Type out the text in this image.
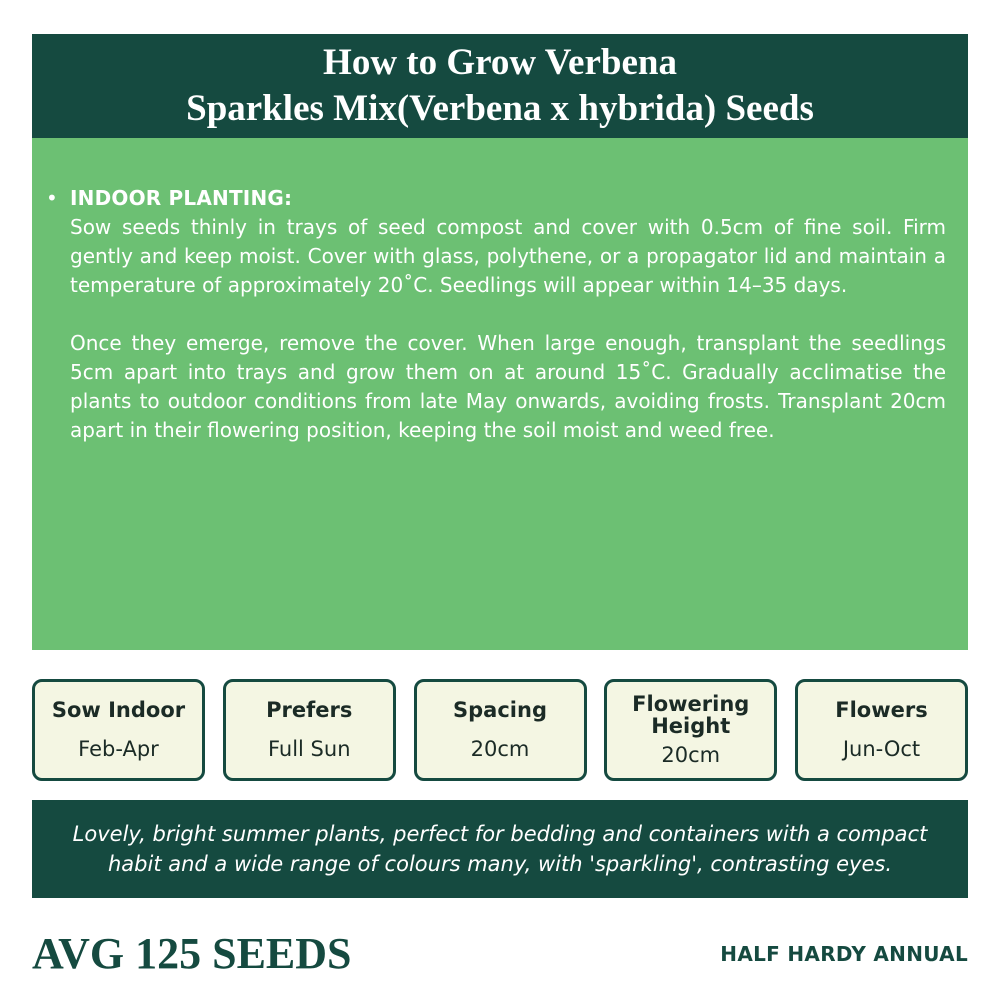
How to Grow Verbena
Sparkles Mix(Verbena x hybrida) Seeds
• INDOOR PLANTING:

Sow seeds thinly in trays of seed compost and cover with 0.5cm of fine soil. Firm gently and keep moist. Cover with glass, polythene, or a propagator lid and maintain a temperature of approximately 20˚C. Seedlings will appear within 14–35 days.

Once they emerge, remove the cover. When large enough, transplant the seedlings 5cm apart into trays and grow them on at around 15˚C. Gradually acclimatise the plants to outdoor conditions from late May onwards, avoiding frosts. Transplant 20cm apart in their flowering position, keeping the soil moist and weed free.

Sow Indoor
Feb-Apr
Prefers
Full Sun
Spacing
20cm
Flowering Height
20cm
Flowers
Jun-Oct
Lovely, bright summer plants, perfect for bedding and containers with a compact habit and a wide range of colours many, with 'sparkling', contrasting eyes.
AVG 125 SEEDS	HALF HARDY ANNUAL
